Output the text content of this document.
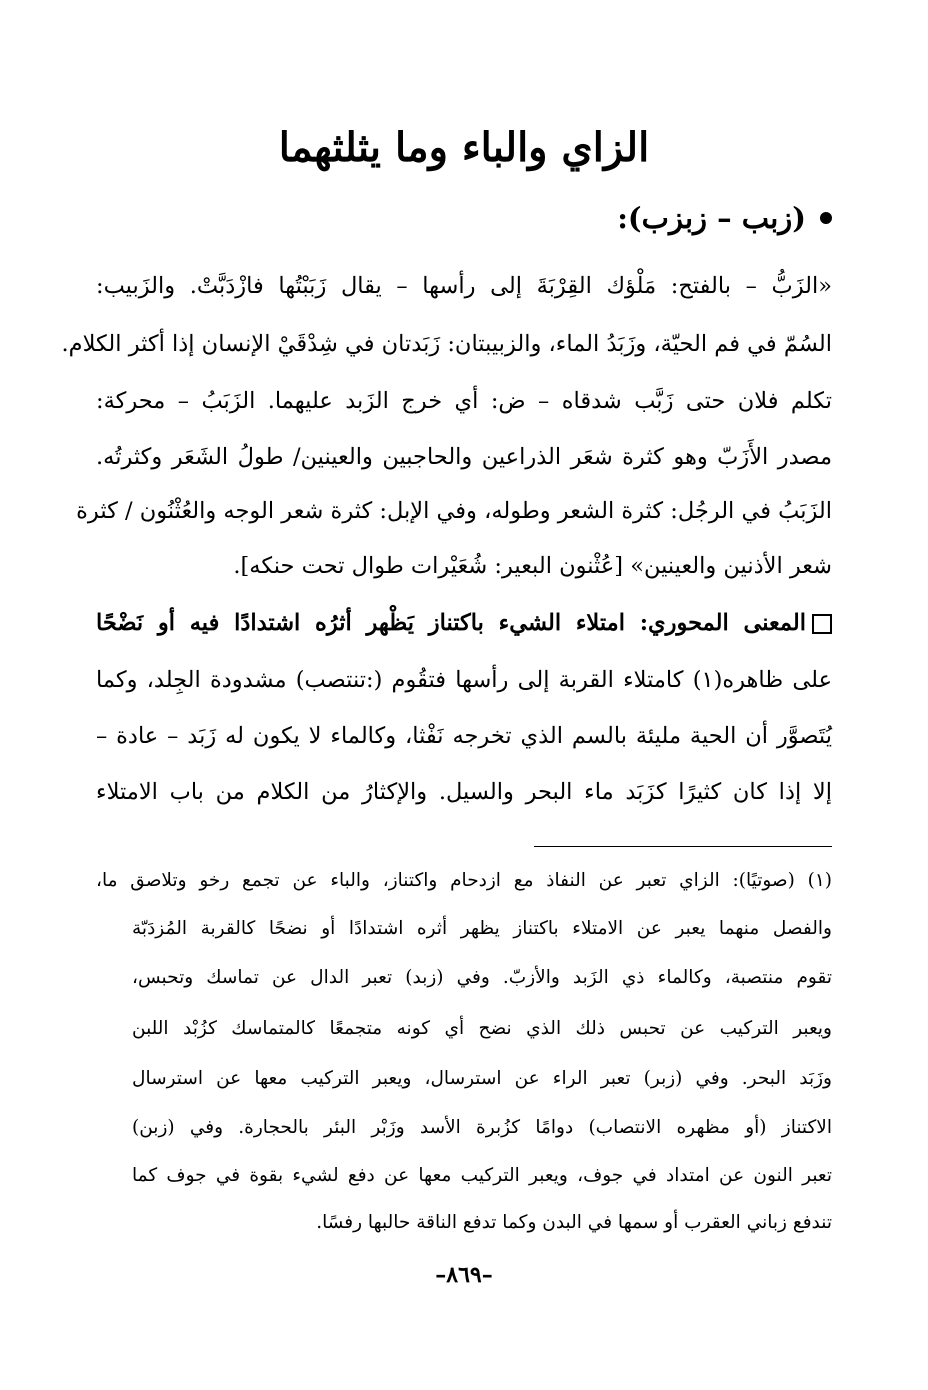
الزاي والباء وما يثلثهما
(زبب – زبزب):
«الزَبُّ – بالفتح: مَلْؤك القِرْبَةَ إلى رأسها – يقال زَبَبْتُها فازْدَبَّتْ. والزَبيب:
السُمّ في فم الحيّة، وزَبَدُ الماء، والزبيبتان: زَبَدتان في شِدْقَيْ الإنسان إذا أكثر الكلام.
تكلم فلان حتى زَبَّب شدقاه – ض: أي خرج الزَبد عليهما. الزَبَبُ – محركة:
مصدر الأَزَبّ وهو كثرة شعَر الذراعين والحاجبين والعينين/ طولُ الشَعَر وكثرتُه.
الزَبَبُ في الرجُل: كثرة الشعر وطوله، وفي الإبل: كثرة شعر الوجه والعُثْنُون / كثرة
شعر الأذنين والعينين» [عُثْنون البعير: شُعَيْرات طوال تحت حنكه].
المعنى المحوري: امتلاء الشيء باكتناز يَظْهر أثرُه اشتدادًا فيه أو نَضْحًا
على ظاهره(١) كامتلاء القربة إلى رأسها فتقُوم (:تنتصب) مشدودة الجِلد، وكما
يُتَصوَّر أن الحية مليئة بالسم الذي تخرجه نَفْثا، وكالماء لا يكون له زَبَد – عادة –
إلا إذا كان كثيرًا كزَبَد ماء البحر والسيل. والإكثارُ من الكلام من باب الامتلاء
(١) (صوتيًا): الزاي تعبر عن النفاذ مع ازدحام واكتناز، والباء عن تجمع رخو وتلاصق ما،
والفصل منهما يعبر عن الامتلاء باكتناز يظهر أثره اشتدادًا أو نضحًا كالقربة المُزدَبّة
تقوم منتصبة، وكالماء ذي الزَبد والأزبّ. وفي (زبد) تعبر الدال عن تماسك وتحبس،
ويعبر التركيب عن تحبس ذلك الذي نضح أي كونه متجمعًا كالمتماسك كزُبْد اللبن
وزَبَد البحر. وفي (زبر) تعبر الراء عن استرسال، ويعبر التركيب معها عن استرسال
الاكتناز (أو مظهره الانتصاب) دوامًا كزُبرة الأسد وزَبْر البئر بالحجارة. وفي (زبن)
تعبر النون عن امتداد في جوف، ويعبر التركيب معها عن دفع لشيء بقوة في جوف كما
تندفع زباني العقرب أو سمها في البدن وكما تدفع الناقة حالبها رفسًا.
–٨٦٩–
